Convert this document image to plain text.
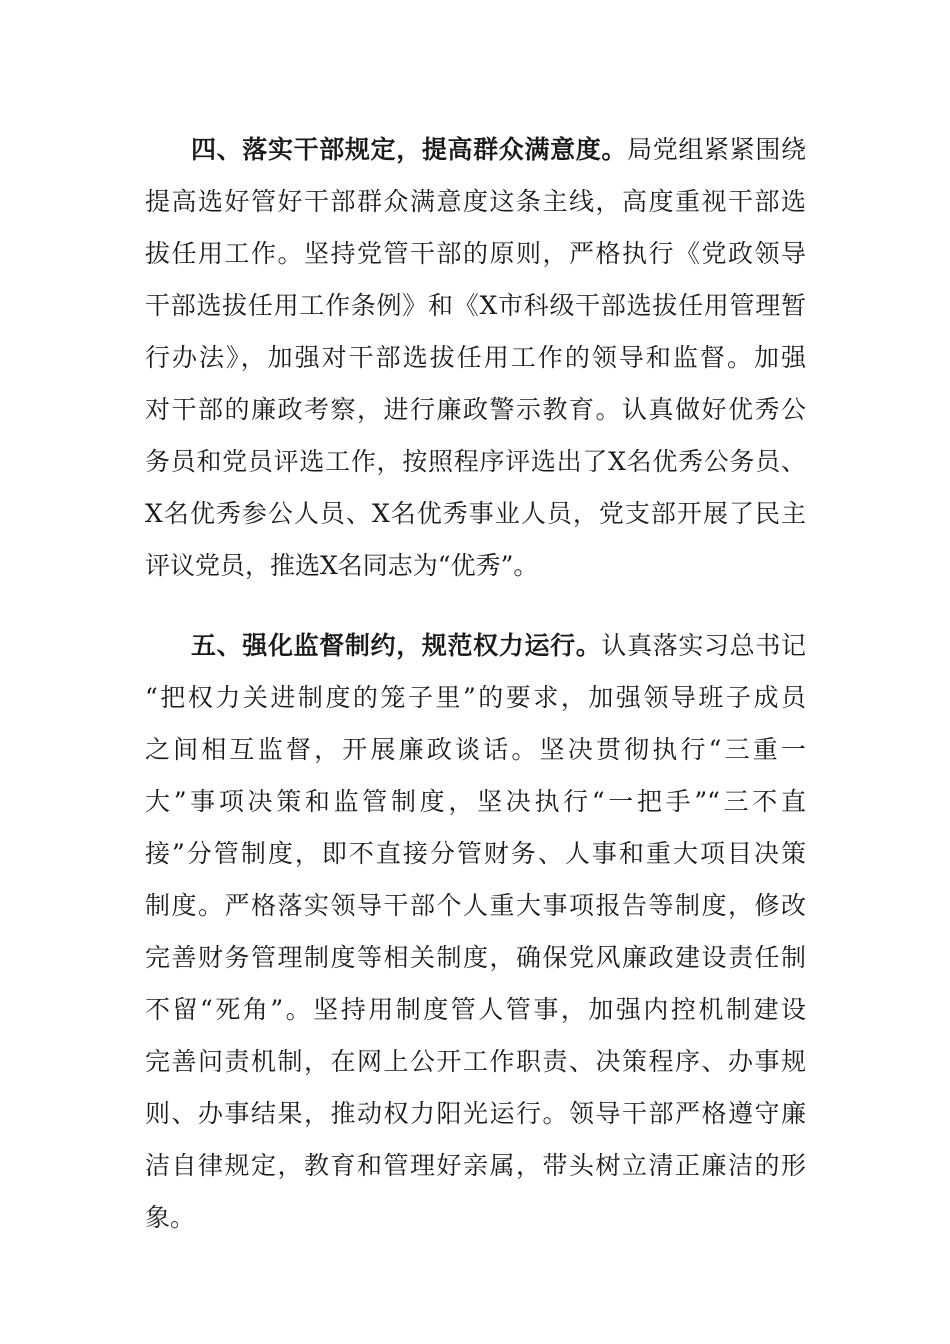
四、落实干部规定，提高群众满意度。局党组紧紧围绕
提高选好管好干部群众满意度这条主线，高度重视干部选
拔任用工作。坚持党管干部的原则，严格执行《党政领导
干部选拔任用工作条例》和《X市科级干部选拔任用管理暂
行办法》，加强对干部选拔任用工作的领导和监督。加强
对干部的廉政考察，进行廉政警示教育。认真做好优秀公
务员和党员评选工作，按照程序评选出了X名优秀公务员、
X名优秀参公人员、X名优秀事业人员，党支部开展了民主
评议党员，推选X名同志为“优秀”。
五、强化监督制约，规范权力运行。认真落实习总书记
“把权力关进制度的笼子里”的要求，加强领导班子成员
之间相互监督，开展廉政谈话。坚决贯彻执行“三重一
大”事项决策和监管制度，坚决执行“一把手”“三不直
接”分管制度，即不直接分管财务、人事和重大项目决策
制度。严格落实领导干部个人重大事项报告等制度，修改
完善财务管理制度等相关制度，确保党风廉政建设责任制
不留“死角”。坚持用制度管人管事，加强内控机制建设
完善问责机制，在网上公开工作职责、决策程序、办事规
则、办事结果，推动权力阳光运行。领导干部严格遵守廉
洁自律规定，教育和管理好亲属，带头树立清正廉洁的形
象。
